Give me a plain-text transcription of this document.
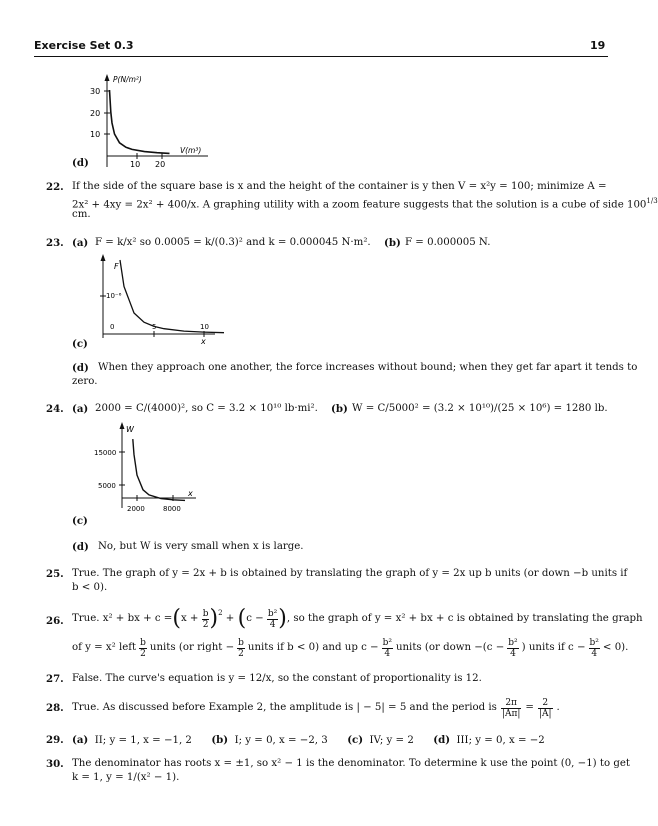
Exercise Set 0.3	19
(d)
30
20
10
10 20
P(N/m²)
V(m³)
22. If the side of the square base is x and the height of the container is y then V = x²y = 100; minimize A =
2x² + 4xy = 2x² + 400/x. A graphing utility with a zoom feature suggests that the solution is a cube of side $100^{1/3}$
cm.
23. (a) F = k/x² so 0.0005 = k/(0.3)² and k = 0.000045 N·m². (b) F = 0.000005 N.
F
10⁻⁶
0	5	10
x
(c)
(d) When they approach one another, the force increases without bound; when they get far apart it tends to
zero.
24. (a) 2000 = C/(4000)², so C = 3.2 × 10¹⁰ lb·mi². (b) W = C/5000² = (3.2 × 10¹⁰)/(25 × 10⁶) = 1280 lb.
W
15000
5000
2000	8000
x
(c)
(d) No, but W is very small when x is large.
25. True. The graph of y = 2x + b is obtained by translating the graph of y = 2x up b units (or down −b units if
b < 0).
26. True. x² + bx + c = ( x +
$\frac{b}{2} )^2$
+
( c −
$\frac{\text{b²}}{4}$ ) , so the graph of y = x² + bx + c is obtained by translating the graph
of y = x² left b
2
units (or right − $\frac{b}{2}$ units if b < 0) and up $c - \frac{\text{b²}}{4}$ units (or down $-(c - \frac{\text{b²}}{4}$ ) units if $c - \frac{\text{b²}}{4} < 0$).
27. False. The curve's equation is y = 12/x, so the constant of proportionality is 12.
28. True. As discussed before Example 2, the amplitude is | − 5| = 5 and the period is $\frac{2\pi}{|A\pi|} = \frac{2}{|A|}$ .
29. (a) II; y = 1, x = −1, 2 (b) I; y = 0, x = −2, 3 (c) IV; y = 2 (d) III; y = 0, x = −2
30. The denominator has roots x = ±1, so x² − 1 is the denominator. To determine k use the point (0, −1) to get
k = 1, y = 1/(x² − 1).
